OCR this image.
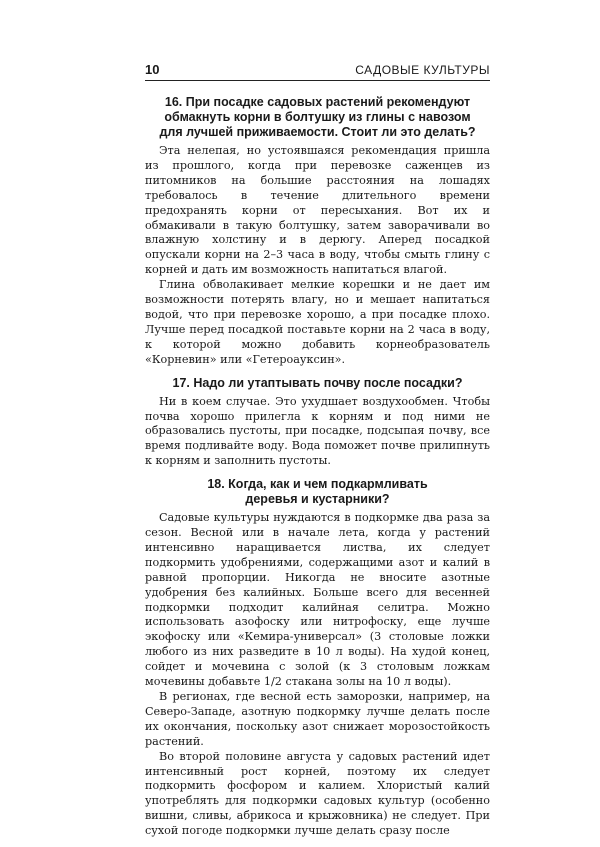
10	САДОВЫЕ КУЛЬТУРЫ
16. При посадке садовых растений рекомендуют
обмакнуть корни в болтушку из глины с навозом
для лучшей приживаемости. Стоит ли это делать?

Эта нелепая, но устоявшаяся рекомендация пришла из прошлого, когда при перевозке саженцев из питомников на большие расстояния на лошадях требовалось в течение длительного времени предохранять корни от пересыхания. Вот их и обмакивали в такую болтушку, затем заворачивали во влажную холстину и в дерюгу. Аперед посадкой опускали корни на 2–3 часа в воду, чтобы смыть глину с корней и дать им возможность напитаться влагой.

Глина обволакивает мелкие корешки и не дает им возможности потерять влагу, но и мешает напитаться водой, что при перевозке хорошо, а при посадке плохо. Лучше перед посадкой поставьте корни на 2 часа в воду, к которой можно добавить корнеобразователь «Корневин» или «Гетероауксин».

17. Надо ли утаптывать почву после посадки?

Ни в коем случае. Это ухудшает воздухообмен. Чтобы почва хорошо прилегла к корням и под ними не образовались пустоты, при посадке, подсыпая почву, все время подливайте воду. Вода поможет почве прилипнуть к корням и заполнить пустоты.

18. Когда, как и чем подкармливать
деревья и кустарники?

Садовые культуры нуждаются в подкормке два раза за сезон. Весной или в начале лета, когда у растений интенсивно наращивается листва, их следует подкормить удобрениями, содержащими азот и калий в равной пропорции. Никогда не вносите азотные удобрения без калийных. Больше всего для весенней подкормки подходит калийная селитра. Можно использовать азофоску или нитрофоску, еще лучше экофоску или «Кемира-универсал» (3 столовые ложки любого из них разведите в 10 л воды). На худой конец, сойдет и мочевина с золой (к 3 столовым ложкам мочевины добавьте 1/2 стакана золы на 10 л воды).

В регионах, где весной есть заморозки, например, на Северо-Западе, азотную подкормку лучше делать после их окончания, поскольку азот снижает морозостойкость растений.

Во второй половине августа у садовых растений идет интенсивный рост корней, поэтому их следует подкормить фосфором и калием. Хлористый калий употреблять для подкормки садовых культур (особенно вишни, сливы, абрикоса и крыжовника) не следует. При сухой погоде подкормки лучше делать сразу после
